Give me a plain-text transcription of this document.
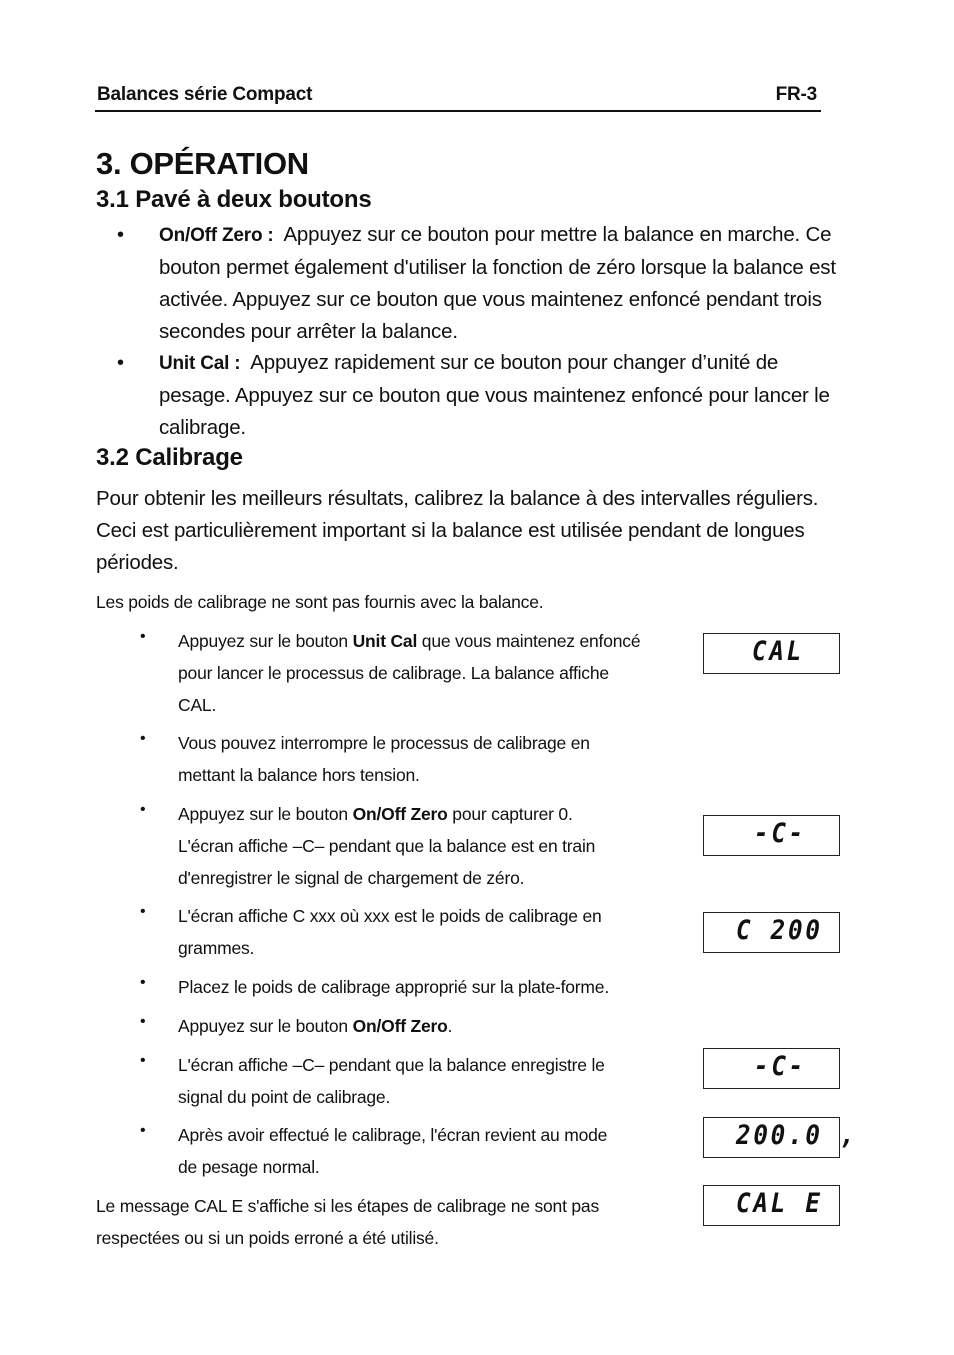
Balances série Compact	FR-3
3. OPÉRATION
3.1 Pavé à deux boutons
• On/Off Zero : Appuyez sur ce bouton pour mettre la balance en marche. Ce
bouton permet également d'utiliser la fonction de zéro lorsque la balance est
activée. Appuyez sur ce bouton que vous maintenez enfoncé pendant trois
secondes pour arrêter la balance.
• Unit Cal : Appuyez rapidement sur ce bouton pour changer d’unité de
pesage. Appuyez sur ce bouton que vous maintenez enfoncé pour lancer le
calibrage.
3.2 Calibrage
Pour obtenir les meilleurs résultats, calibrez la balance à des intervalles réguliers.
Ceci est particulièrement important si la balance est utilisée pendant de longues
périodes.
Les poids de calibrage ne sont pas fournis avec la balance.
• Appuyez sur le bouton Unit Cal que vous maintenez enfoncé
pour lancer le processus de calibrage. La balance affiche
CAL.
• Vous pouvez interrompre le processus de calibrage en
mettant la balance hors tension.
• Appuyez sur le bouton On/Off Zero pour capturer 0.
L'écran affiche –C– pendant que la balance est en train
d'enregistrer le signal de chargement de zéro.
• L'écran affiche C xxx où xxx est le poids de calibrage en
grammes.
• Placez le poids de calibrage approprié sur la plate-forme.
• Appuyez sur le bouton On/Off Zero.
• L'écran affiche –C– pendant que la balance enregistre le
signal du point de calibrage.
• Après avoir effectué le calibrage, l'écran revient au mode
de pesage normal.
Le message CAL E s'affiche si les étapes de calibrage ne sont pas
respectées ou si un poids erroné a été utilisé.
CAL
-C-
C 200
-C-
200.0 ,
CAL E
